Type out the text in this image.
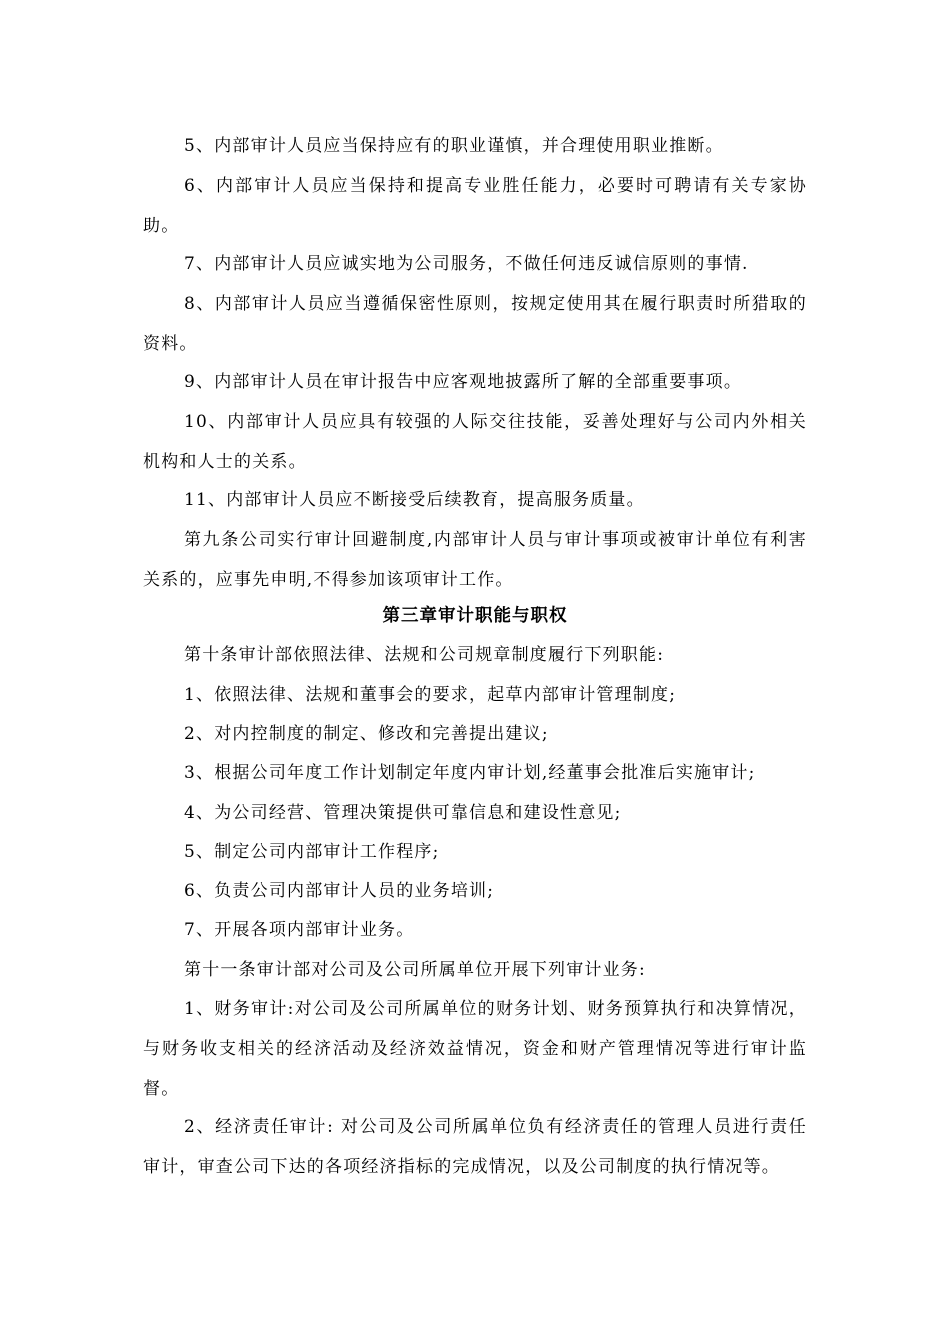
5、内部审计人员应当保持应有的职业谨慎，并合理使用职业推断。

6、内部审计人员应当保持和提高专业胜任能力，必要时可聘请有关专家协助。

7、内部审计人员应诚实地为公司服务，不做任何违反诚信原则的事情.

8、内部审计人员应当遵循保密性原则，按规定使用其在履行职责时所猎取的资料。

9、内部审计人员在审计报告中应客观地披露所了解的全部重要事项。

10、内部审计人员应具有较强的人际交往技能，妥善处理好与公司内外相关机构和人士的关系。

11、内部审计人员应不断接受后续教育，提高服务质量。

第九条公司实行审计回避制度,内部审计人员与审计事项或被审计单位有利害关系的，应事先申明,不得参加该项审计工作。

第三章审计职能与职权

第十条审计部依照法律、法规和公司规章制度履行下列职能:

1、依照法律、法规和董事会的要求，起草内部审计管理制度;

2、对内控制度的制定、修改和完善提出建议;

3、根据公司年度工作计划制定年度内审计划,经董事会批准后实施审计;

4、为公司经营、管理决策提供可靠信息和建设性意见;

5、制定公司内部审计工作程序;

6、负责公司内部审计人员的业务培训;

7、开展各项内部审计业务。

第十一条审计部对公司及公司所属单位开展下列审计业务:

1、财务审计:对公司及公司所属单位的财务计划、财务预算执行和决算情况，与财务收支相关的经济活动及经济效益情况，资金和财产管理情况等进行审计监督。

2、经济责任审计: 对公司及公司所属单位负有经济责任的管理人员进行责任审计，审查公司下达的各项经济指标的完成情况，以及公司制度的执行情况等。
